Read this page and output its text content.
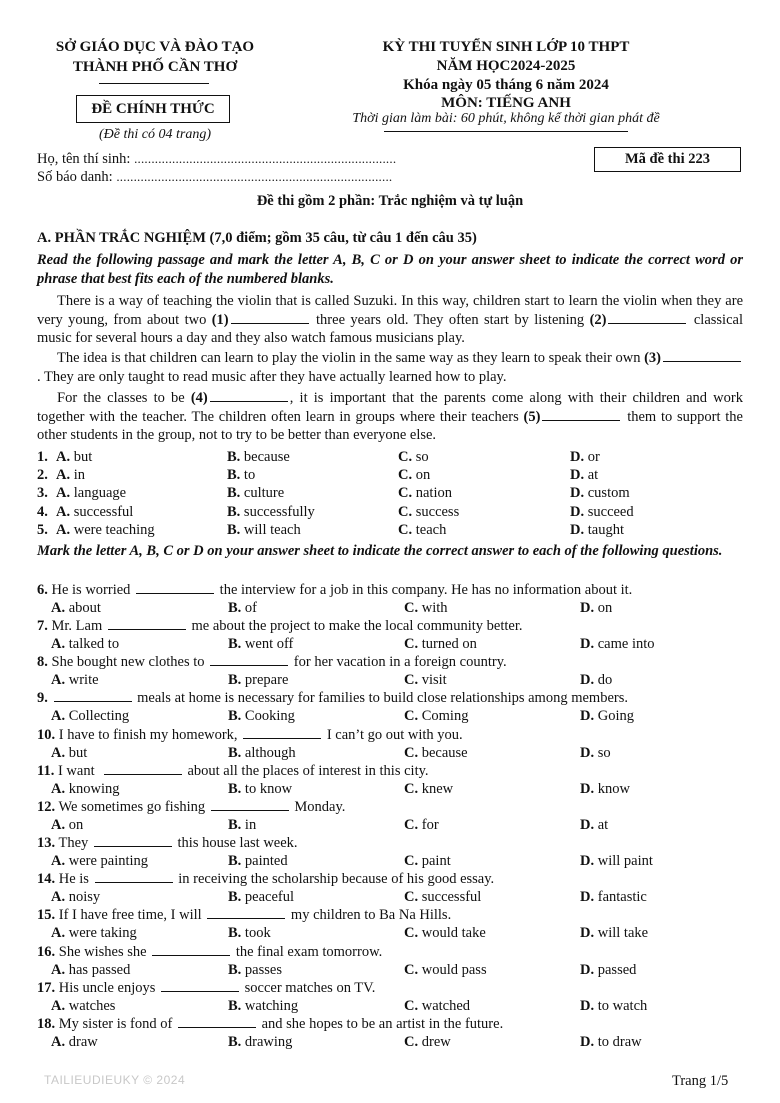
SỞ GIÁO DỤC VÀ ĐÀO TẠO
THÀNH PHỐ CẦN THƠ
ĐỀ CHÍNH THỨC
(Đề thi có 04 trang)
KỲ THI TUYỂN SINH LỚP 10 THPT
NĂM HỌC2024-2025
Khóa ngày 05 tháng 6 năm 2024
MÔN: TIẾNG ANH
Thời gian làm bài: 60 phút, không kể thời gian phát đề
Họ, tên thí sinh: ............................................................................
Số báo danh: ................................................................................
Mã đề thi 223
Đề thi gồm 2 phần: Trắc nghiệm và tự luận
A. PHẦN TRẮC NGHIỆM (7,0 điểm; gồm 35 câu, từ câu 1 đến câu 35)
Read the following passage and mark the letter A, B, C or D on your answer sheet to indicate the correct word or phrase that best fits each of the numbered blanks.
There is a way of teaching the violin that is called Suzuki. In this way, children start to learn the violin when they are very young, from about two (1)	three years old. They often start by listening (2)	classical music for several hours a day and they also watch famous musicians play.
The idea is that children can learn to play the violin in the same way as they learn to speak their own (3). They are only taught to read music after they have actually learned how to play.
For the classes to be (4)	, it is important that the parents come along with their children and work together with the teacher. The children often learn in groups where their teachers (5)	them to support the other students in the group, not to try to be better than everyone else.
1. A. but	B. because	C. so	D. or
2. A. in	B. to	C. on	D. at
3. A. language	B. culture	C. nation	D. custom
4. A. successful	B. successfully	C. success	D. succeed
5. A. were teaching	B. will teach	C. teach	D. taught
Mark the letter A, B, C or D on your answer sheet to indicate the correct answer to each of the following questions.
6. He is worried	the interview for a job in this company. He has no information about it.
A. about	B. of	C. with	D. on
7. Mr. Lam	me about the project to make the local community better.
A. talked to	B. went off	C. turned on	D. came into
8. She bought new clothes to	for her vacation in a foreign country.
A. write	B. prepare	C. visit	D. do
9.	meals at home is necessary for families to build close relationships among members.
A. Collecting	B. Cooking	C. Coming	D. Going
10. I have to finish my homework,	I can’t go out with you.
A. but	B. although	C. because	D. so
11. I want	about all the places of interest in this city.
A. knowing	B. to know	C. knew	D. know
12. We sometimes go fishing	Monday.
A. on	B. in	C. for	D. at
13. They	this house last week.
A. were painting	B. painted	C. paint	D. will paint
14. He is	in receiving the scholarship because of his good essay.
A. noisy	B. peaceful	C. successful	D. fantastic
15. If I have free time, I will	my children to Ba Na Hills.
A. were taking	B. took	C. would take	D. will take
16. She wishes she	the final exam tomorrow.
A. has passed	B. passes	C. would pass	D. passed
17. His uncle enjoys	soccer matches on TV.
A. watches	B. watching	C. watched	D. to watch
18. My sister is fond of	and she hopes to be an artist in the future.
A. draw	B. drawing	C. drew	D. to draw
TAILIEUDIEUKY © 2024	Trang 1/5
